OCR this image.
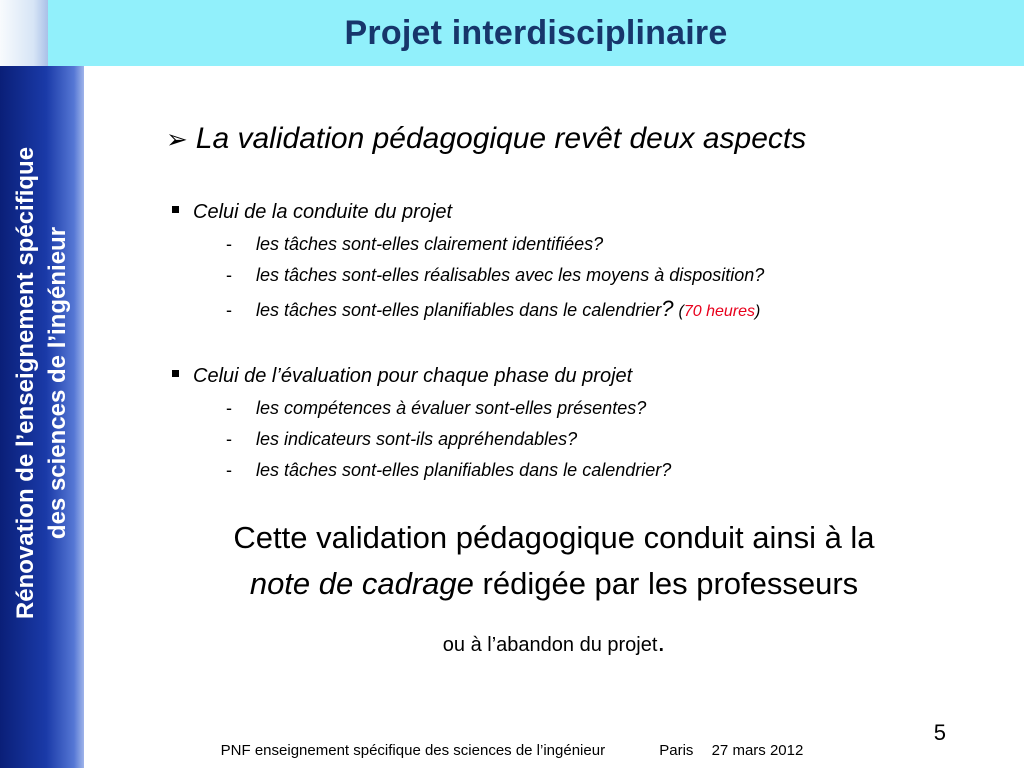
Rénovation de l’enseignement spécifique des sciences de l’ingénieur
Projet interdisciplinaire
➢ La validation pédagogique revêt deux aspects
Celui de la conduite du projet
- les tâches sont-elles clairement identifiées?
- les tâches sont-elles réalisables avec les moyens à disposition?
- les tâches sont-elles planifiables dans le calendrier? (70 heures)
Celui de l’évaluation pour chaque phase du projet
- les compétences à évaluer sont-elles présentes?
- les indicateurs sont-ils appréhendables?
- les tâches sont-elles planifiables dans le calendrier?
Cette validation pédagogique conduit ainsi à la
note de cadrage rédigée par les professeurs
ou à l’abandon du projet.
5
PNF enseignement spécifique des sciences de l’ingénieur	Paris 27 mars 2012
